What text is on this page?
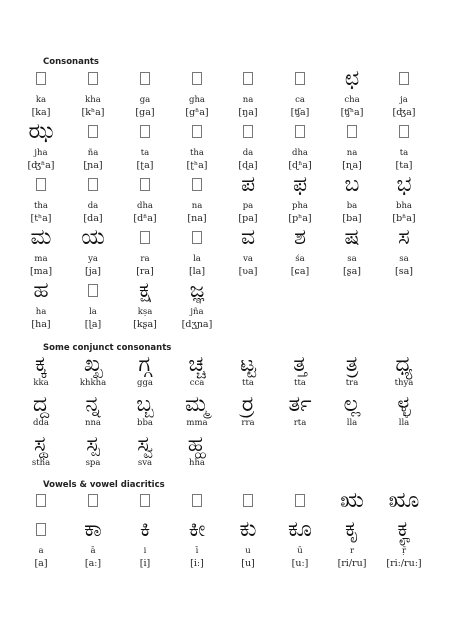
Consonants
Some conjunct consonants
Vowels & vowel diacritics
ka
[ka]
kha
[kʰa]
ga
[ga]
gha
[gʱa]
na
[ŋa]
ca
[ʧa]
ಛ
cha
[ʧʰa]
ja
[ʤa]
ಝ
jha
[ʤʱa]
ña
[ɲa]
ta
[ʈa]
tha
[ʈʰa]
da
[ɖa]
dha
[ɖʱa]
na
[ɳa]
ta
[ta]
tha
[tʰa]
da
[da]
dha
[dʱa]
na
[na]
ಪ
pa
[pa]
ಫ
pha
[pʰa]
ಬ
ba
[ba]
ಭ
bha
[bʱa]
ಮ
ma
[ma]
ಯ
ya
[ja]
ra
[ra]
la
[la]
ವ
va
[ʋa]
ಶ
śa
[ɕa]
ಷ
sa
[ʂa]
ಸ
sa
[sa]
ಹ
ha
[ha]
la
[ɭa]
ಕ್ಷ
kṣa
[kʂa]
ಜ್ಞ
jña
[dʒɲa]
ಕ್ಕ
kka
ಖ್ಖ
khkha
ಗ್ಗ
gga
ಚ್ಚ
cca
ಟ್ಟ
tta
ತ್ತ
tta
ತ್ರ
tra
ಧ್ಯ
thya
ದ್ದ
dda
ನ್ನ
nna
ಬ್ಬ
bba
ಮ್ಮ
mma
ರ್ರ
rra
ರ್ತ
rta
ಲ್ಲ
lla
ಳ್ಳ
lla
ಸ್ಥ
stha
ಸ್ಪ
spa
ಸ್ವ
sva
ಹ್ಹ
hha
ಋ	ೠ
a
[a]
ಕಾ
ā
[aː]
ಕಿ
i
[i]
ಕೀ
ī
[iː]
ಕು
u
[u]
ಕೂ
ū
[uː]
ಕೃ
r
[ri/ru]
ಕೄ
ṝ
[riː/ruː]
